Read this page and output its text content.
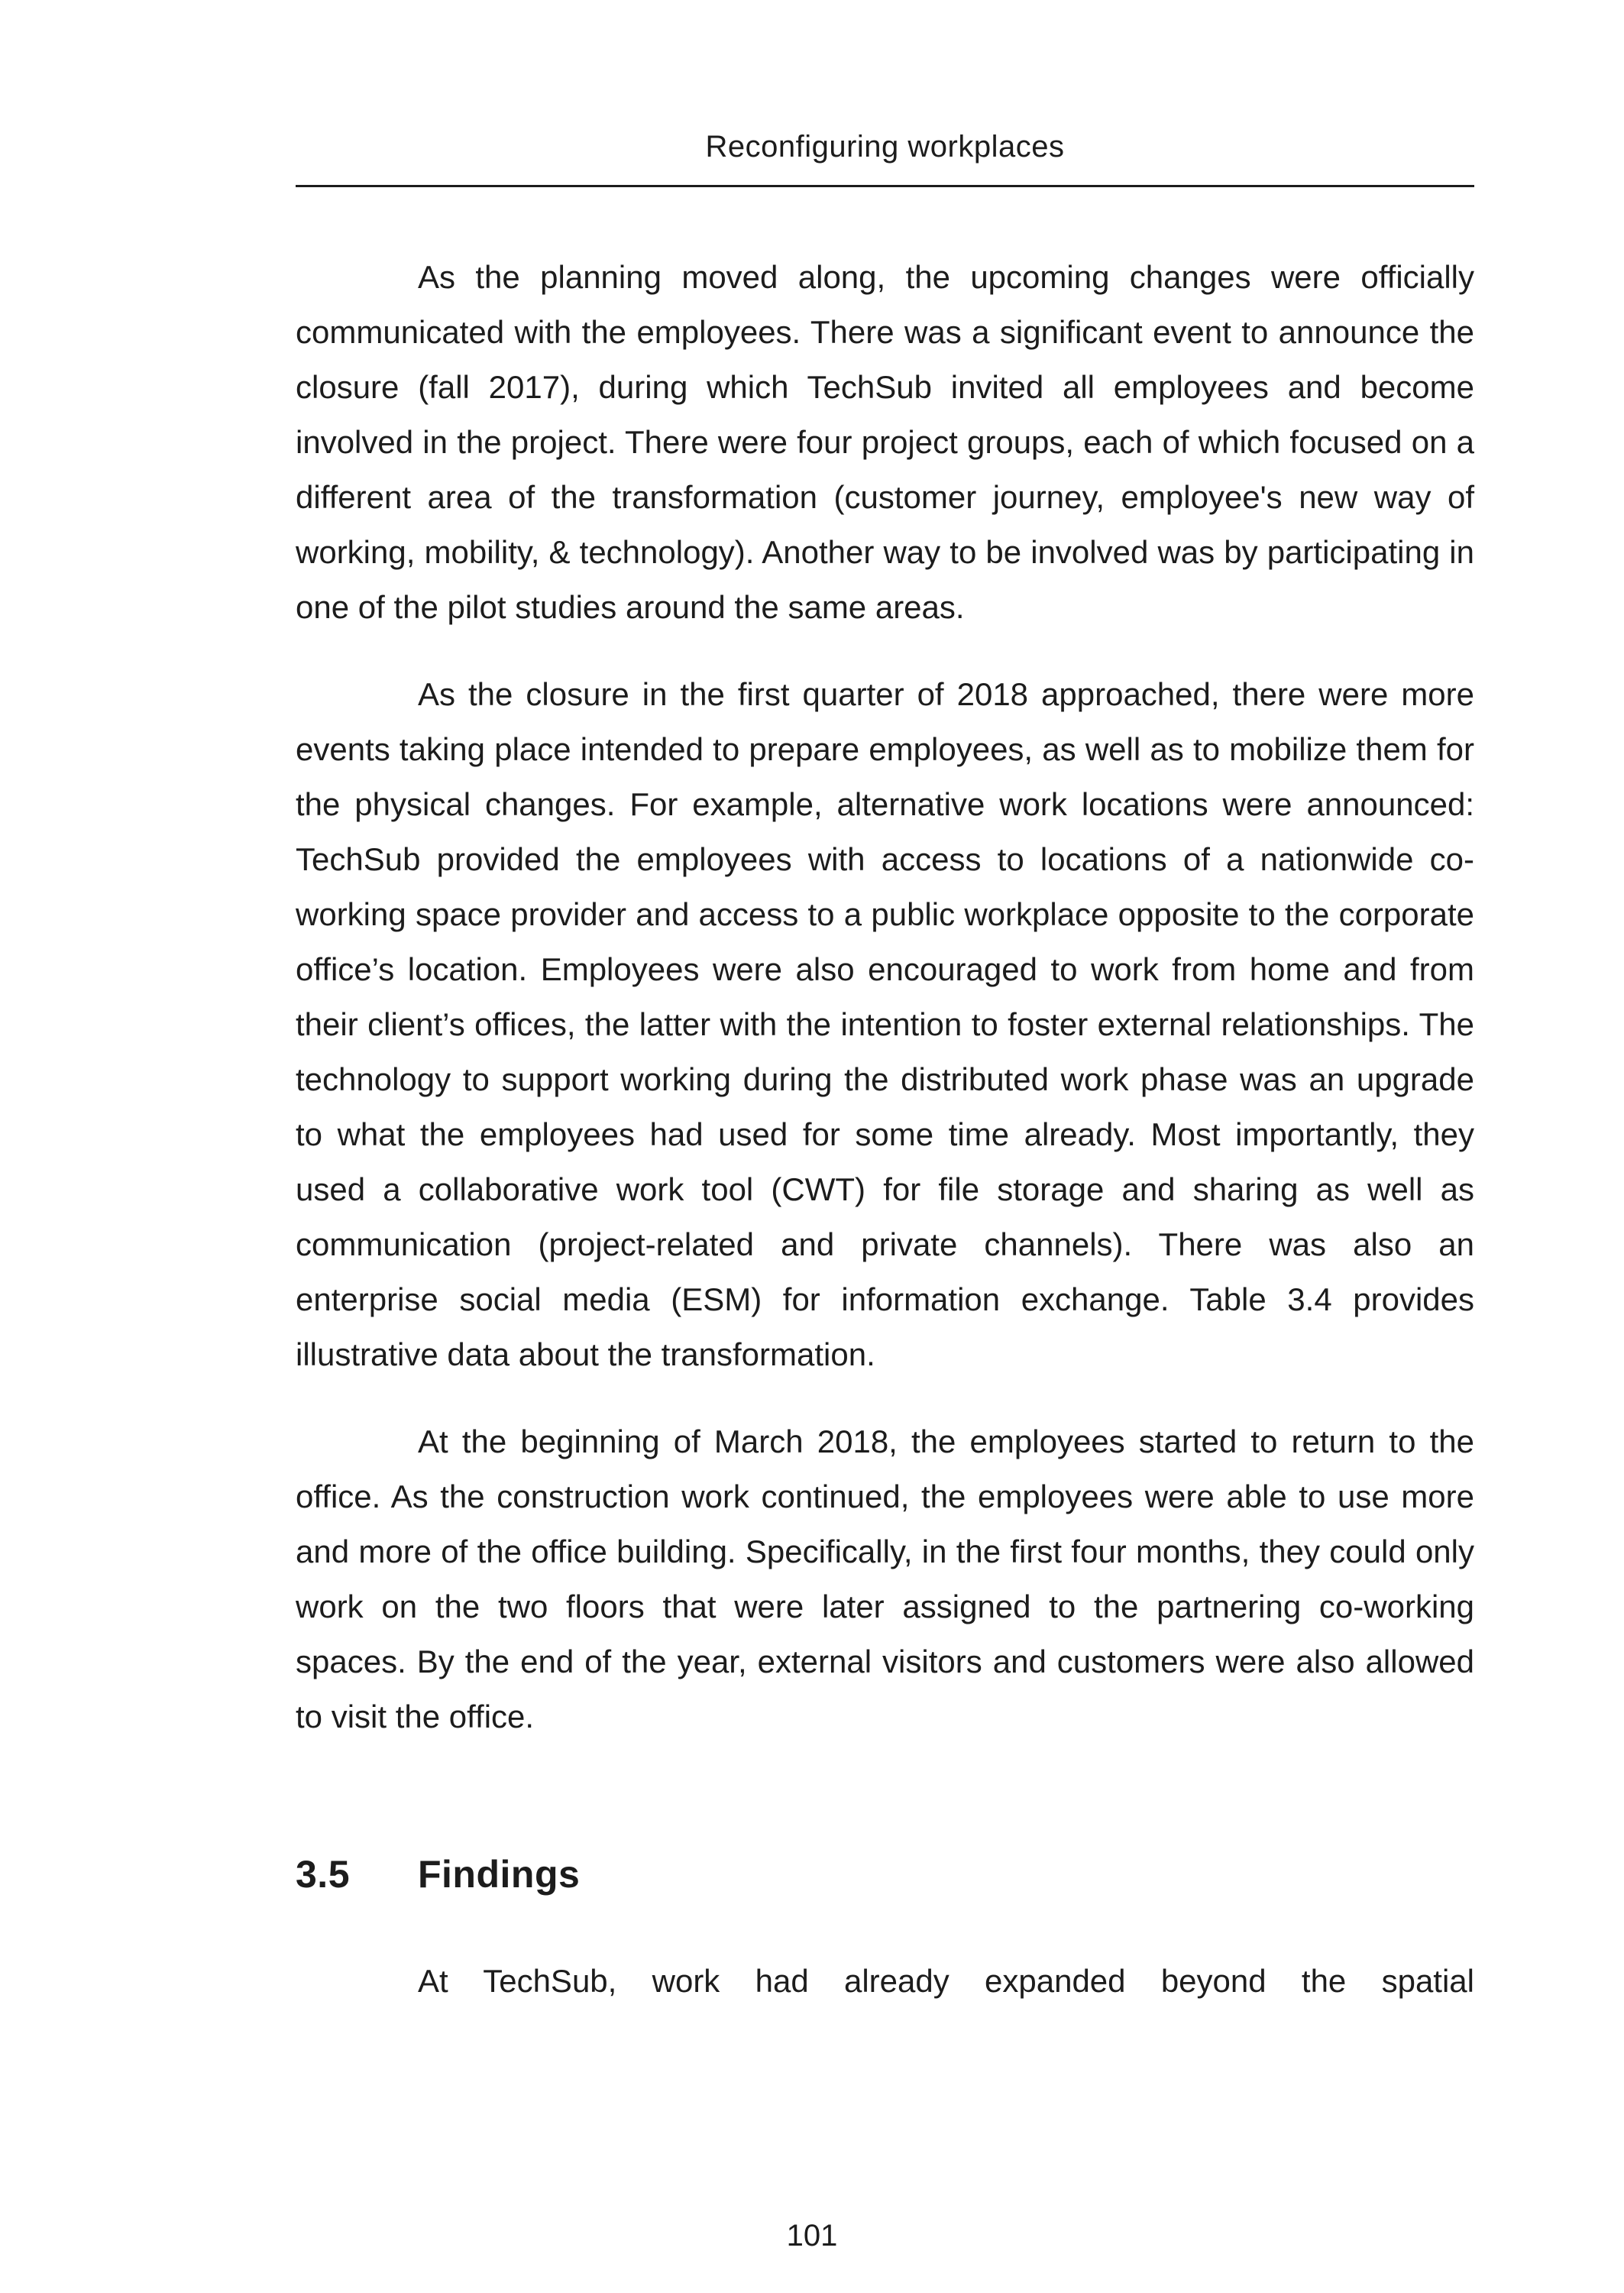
Reconfiguring workplaces

As the planning moved along, the upcoming changes were officially communicated with the employees. There was a significant event to announce the closure (fall 2017), during which TechSub invited all employees and become involved in the project. There were four project groups, each of which focused on a different area of the transformation (customer journey, employee's new way of working, mobility, & technology). Another way to be involved was by participating in one of the pilot studies around the same areas.

As the closure in the first quarter of 2018 approached, there were more events taking place intended to prepare employees, as well as to mobilize them for the physical changes. For example, alternative work locations were announced: TechSub provided the employees with access to locations of a nationwide co-working space provider and access to a public workplace opposite to the corporate office’s location. Employees were also encouraged to work from home and from their client’s offices, the latter with the intention to foster external relationships. The technology to support working during the distributed work phase was an upgrade to what the employees had used for some time already. Most importantly, they used a collaborative work tool (CWT) for file storage and sharing as well as communication (project-related and private channels). There was also an enterprise social media (ESM) for information exchange. Table 3.4 provides illustrative data about the transformation.

At the beginning of March 2018, the employees started to return to the office. As the construction work continued, the employees were able to use more and more of the office building. Specifically, in the first four months, they could only work on the two floors that were later assigned to the partnering co-working spaces. By the end of the year, external visitors and customers were also allowed to visit the office.

3.5	Findings

At TechSub, work had already expanded beyond the spatial

101
